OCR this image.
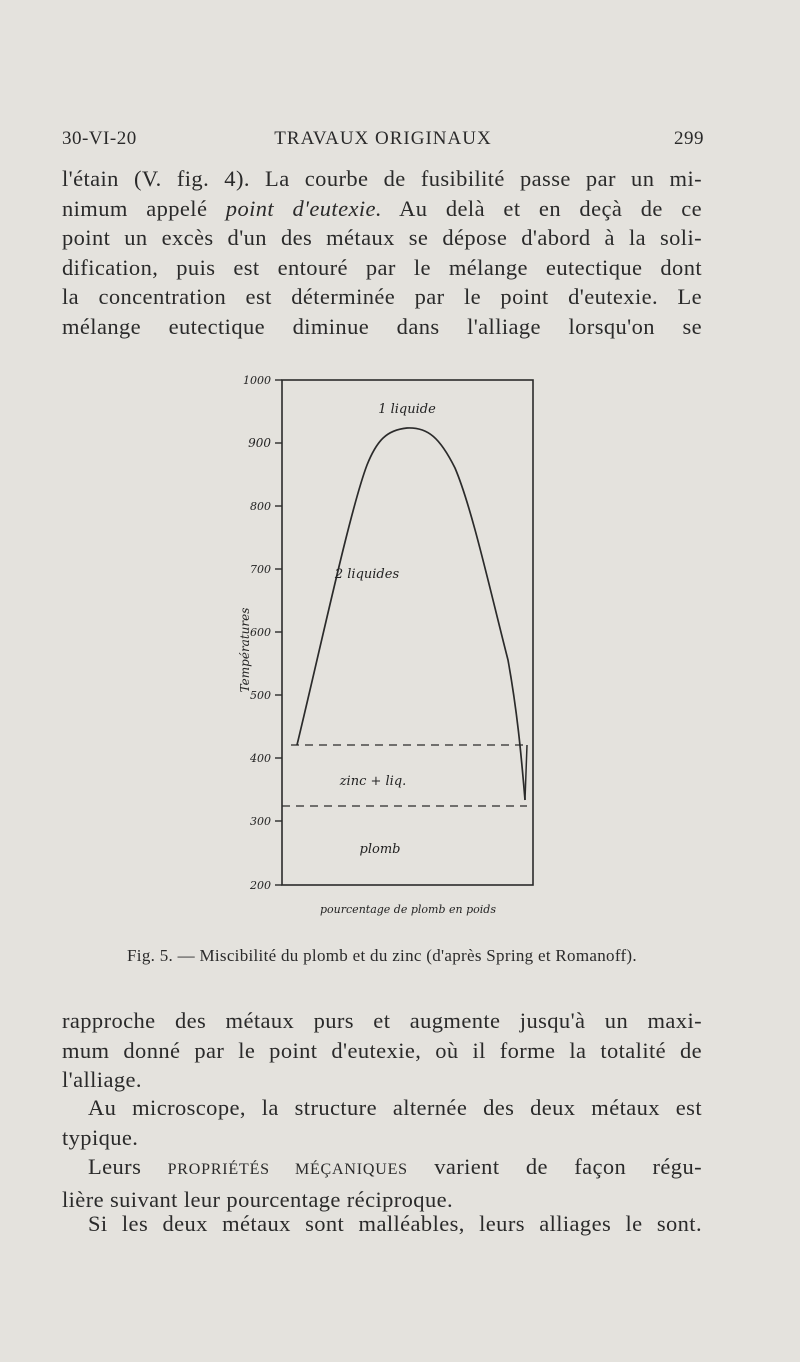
30-VI-20	TRAVAUX ORIGINAUX	299
l'étain (V. fig. 4). La courbe de fusibilité passe par un mi-
nimum appelé point d'eutexie. Au delà et en deçà de ce
point un excès d'un des métaux se dépose d'abord à la soli-
dification, puis est entouré par le mélange eutectique dont
la concentration est déterminée par le point d'eutexie. Le
mélange eutectique diminue dans l'alliage lorsqu'on se
1000
900
800
700
600
500
400
300
200
Températures
1 liquide
2 liquides
zinc + liq.
plomb
pourcentage de plomb en poids
Fig. 5. — Miscibilité du plomb et du zinc (d'après Spring et Romanoff).
rapproche des métaux purs et augmente jusqu'à un maxi-
mum donné par le point d'eutexie, où il forme la totalité de
l'alliage.
Au microscope, la structure alternée des deux métaux est
typique.
Leurs PROPRIÉTÉS MÉÇANIQUES varient de façon régu-
lière suivant leur pourcentage réciproque.
Si les deux métaux sont malléables, leurs alliages le sont.
